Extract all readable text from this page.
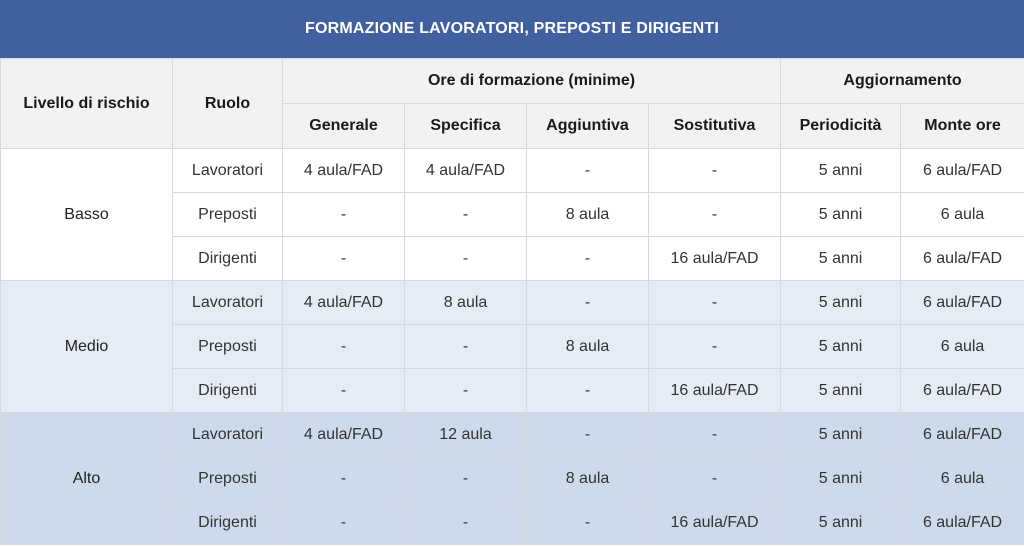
FORMAZIONE LAVORATORI, PREPOSTI E DIRIGENTI
Livello di rischio	Ruolo	Ore di formazione (minime)				Aggiornamento	
		Generale	Specifica	Aggiuntiva	Sostitutiva	Periodicità	Monte ore
Basso	Lavoratori	4 aula/FAD	4 aula/FAD	-	-	5 anni	6 aula/FAD
	Preposti	-	-	8 aula	-	5 anni	6 aula
	Dirigenti	-	-	-	16 aula/FAD	5 anni	6 aula/FAD
Medio	Lavoratori	4 aula/FAD	8 aula	-	-	5 anni	6 aula/FAD
	Preposti	-	-	8 aula	-	5 anni	6 aula
	Dirigenti	-	-	-	16 aula/FAD	5 anni	6 aula/FAD
Alto	Lavoratori	4 aula/FAD	12 aula	-	-	5 anni	6 aula/FAD
	Preposti	-	-	8 aula	-	5 anni	6 aula
	Dirigenti	-	-	-	16 aula/FAD	5 anni	6 aula/FAD
